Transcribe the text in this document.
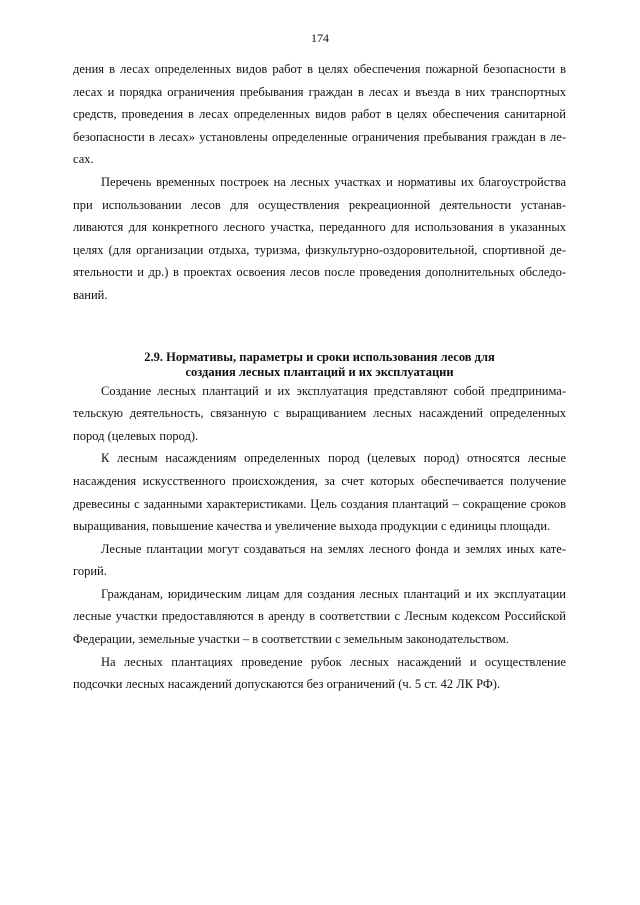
174

дения в лесах определенных видов работ в целях обеспечения пожарной безопасности в лесах и порядка ограничения пребывания граждан в лесах и въезда в них транспортных средств, проведения в лесах определенных видов работ в целях обеспечения санитарной безопасности в лесах» установлены определенные ограничения пребывания граждан в лесах.

Перечень временных построек на лесных участках и нормативы их благоустройства при использовании лесов для осуществления рекреационной деятельности устанавливаются для конкретного лесного участка, переданного для использования в указанных целях (для организации отдыха, туризма, физкультурно-оздоровительной, спортивной деятельности и др.) в проектах освоения лесов после проведения дополнительных обследований.

2.9. Нормативы, параметры и сроки использования лесов для
создания лесных плантаций и их эксплуатации

Создание лесных плантаций и их эксплуатация представляют собой предпринимательскую деятельность, связанную с выращиванием лесных насаждений определенных пород (целевых пород).

К лесным насаждениям определенных пород (целевых пород) относятся лесные насаждения искусственного происхождения, за счет которых обеспечивается получение древесины с заданными характеристиками. Цель создания плантаций – сокращение сроков выращивания, повышение качества и увеличение выхода продукции с единицы площади.

Лесные плантации могут создаваться на землях лесного фонда и землях иных категорий.

Гражданам, юридическим лицам для создания лесных плантаций и их эксплуатации лесные участки предоставляются в аренду в соответствии с Лесным кодексом Российской Федерации, земельные участки – в соответствии с земельным законодательством.

На лесных плантациях проведение рубок лесных насаждений и осуществление подсочки лесных насаждений допускаются без ограничений (ч. 5 ст. 42 ЛК РФ).
